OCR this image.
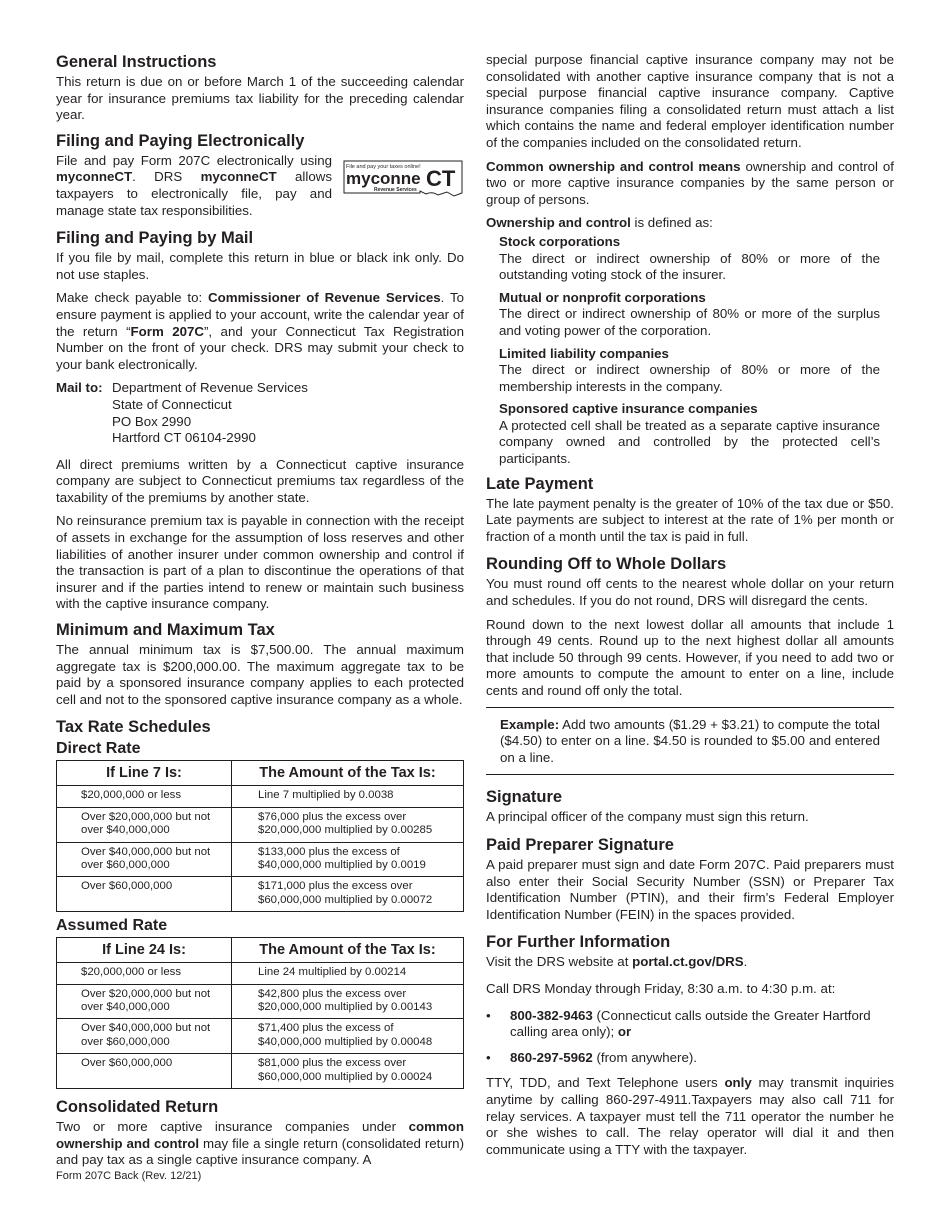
General Instructions

This return is due on or before March 1 of the succeeding calendar year for insurance premiums tax liability for the preceding calendar year.

Filing and Paying Electronically

File and pay your taxes online!
myconne CT
Revenue Services
File and pay Form 207C electronically using myconneCT. DRS myconneCT allows taxpayers to electronically file, pay and manage state tax responsibilities.

Filing and Paying by Mail

If you file by mail, complete this return in blue or black ink only. Do not use staples.

Make check payable to: Commissioner of Revenue Services. To ensure payment is applied to your account, write the calendar year of the return “Form 207C”, and your Connecticut Tax Registration Number on the front of your check. DRS may submit your check to your bank electronically.

Mail to: Department of Revenue Services
State of Connecticut
PO Box 2990
Hartford CT 06104-2990

All direct premiums written by a Connecticut captive insurance company are subject to Connecticut premiums tax regardless of the taxability of the premiums by another state.

No reinsurance premium tax is payable in connection with the receipt of assets in exchange for the assumption of loss reserves and other liabilities of another insurer under common ownership and control if the transaction is part of a plan to discontinue the operations of that insurer and if the parties intend to renew or maintain such business with the captive insurance company.

Minimum and Maximum Tax

The annual minimum tax is $7,500.00. The annual maximum aggregate tax is $200,000.00. The maximum aggregate tax to be paid by a sponsored insurance company applies to each protected cell and not to the sponsored captive insurance company as a whole.

Tax Rate Schedules
Direct Rate
If Line 7 Is:	The Amount of the Tax Is:
$20,000,000 or less	Line 7 multiplied by 0.0038
Over $20,000,000 but not over $40,000,000	$76,000 plus the excess over $20,000,000 multiplied by 0.00285
Over $40,000,000 but not over $60,000,000	$133,000 plus the excess of $40,000,000 multiplied by 0.0019
Over $60,000,000	$171,000 plus the excess over $60,000,000 multiplied by 0.00072
Assumed Rate
If Line 24 Is:	The Amount of the Tax Is:
$20,000,000 or less	Line 24 multiplied by 0.00214
Over $20,000,000 but not over $40,000,000	$42,800 plus the excess over $20,000,000 multiplied by 0.00143
Over $40,000,000 but not over $60,000,000	$71,400 plus the excess of $40,000,000 multiplied by 0.00048
Over $60,000,000	$81,000 plus the excess over $60,000,000 multiplied by 0.00024
Consolidated Return

Two or more captive insurance companies under common ownership and control may file a single return (consolidated return) and pay tax as a single captive insurance company. A

special purpose financial captive insurance company may not be consolidated with another captive insurance company that is not a special purpose financial captive insurance company. Captive insurance companies filing a consolidated return must attach a list which contains the name and federal employer identification number of the companies included on the consolidated return.

Common ownership and control means ownership and control of two or more captive insurance companies by the same person or group of persons.

Ownership and control is defined as:

Stock corporations

The direct or indirect ownership of 80% or more of the outstanding voting stock of the insurer.

Mutual or nonprofit corporations

The direct or indirect ownership of 80% or more of the surplus and voting power of the corporation.

Limited liability companies

The direct or indirect ownership of 80% or more of the membership interests in the company.

Sponsored captive insurance companies

A protected cell shall be treated as a separate captive insurance company owned and controlled by the protected cell’s participants.

Late Payment

The late payment penalty is the greater of 10% of the tax due or $50. Late payments are subject to interest at the rate of 1% per month or fraction of a month until the tax is paid in full.

Rounding Off to Whole Dollars

You must round off cents to the nearest whole dollar on your return and schedules. If you do not round, DRS will disregard the cents.

Round down to the next lowest dollar all amounts that include 1 through 49 cents. Round up to the next highest dollar all amounts that include 50 through 99 cents. However, if you need to add two or more amounts to compute the amount to enter on a line, include cents and round off only the total.

Example: Add two amounts ($1.29 + $3.21) to compute the total ($4.50) to enter on a line. $4.50 is rounded to $5.00 and entered on a line.

Signature

A principal officer of the company must sign this return.

Paid Preparer Signature

A paid preparer must sign and date Form 207C. Paid preparers must also enter their Social Security Number (SSN) or Preparer Tax Identification Number (PTIN), and their firm’s Federal Employer Identification Number (FEIN) in the spaces provided.

For Further Information

Visit the DRS website at portal.ct.gov/DRS.

Call DRS Monday through Friday, 8:30 a.m. to 4:30 p.m. at:

•	800-382-9463 (Connecticut calls outside the Greater Hartford calling area only); or
•	860-297-5962 (from anywhere).

TTY, TDD, and Text Telephone users only may transmit inquiries anytime by calling 860-297-4911.Taxpayers may also call 711 for relay services. A taxpayer must tell the 711 operator the number he or she wishes to call. The relay operator will dial it and then communicate using a TTY with the taxpayer.

Form 207C Back (Rev. 12/21)
